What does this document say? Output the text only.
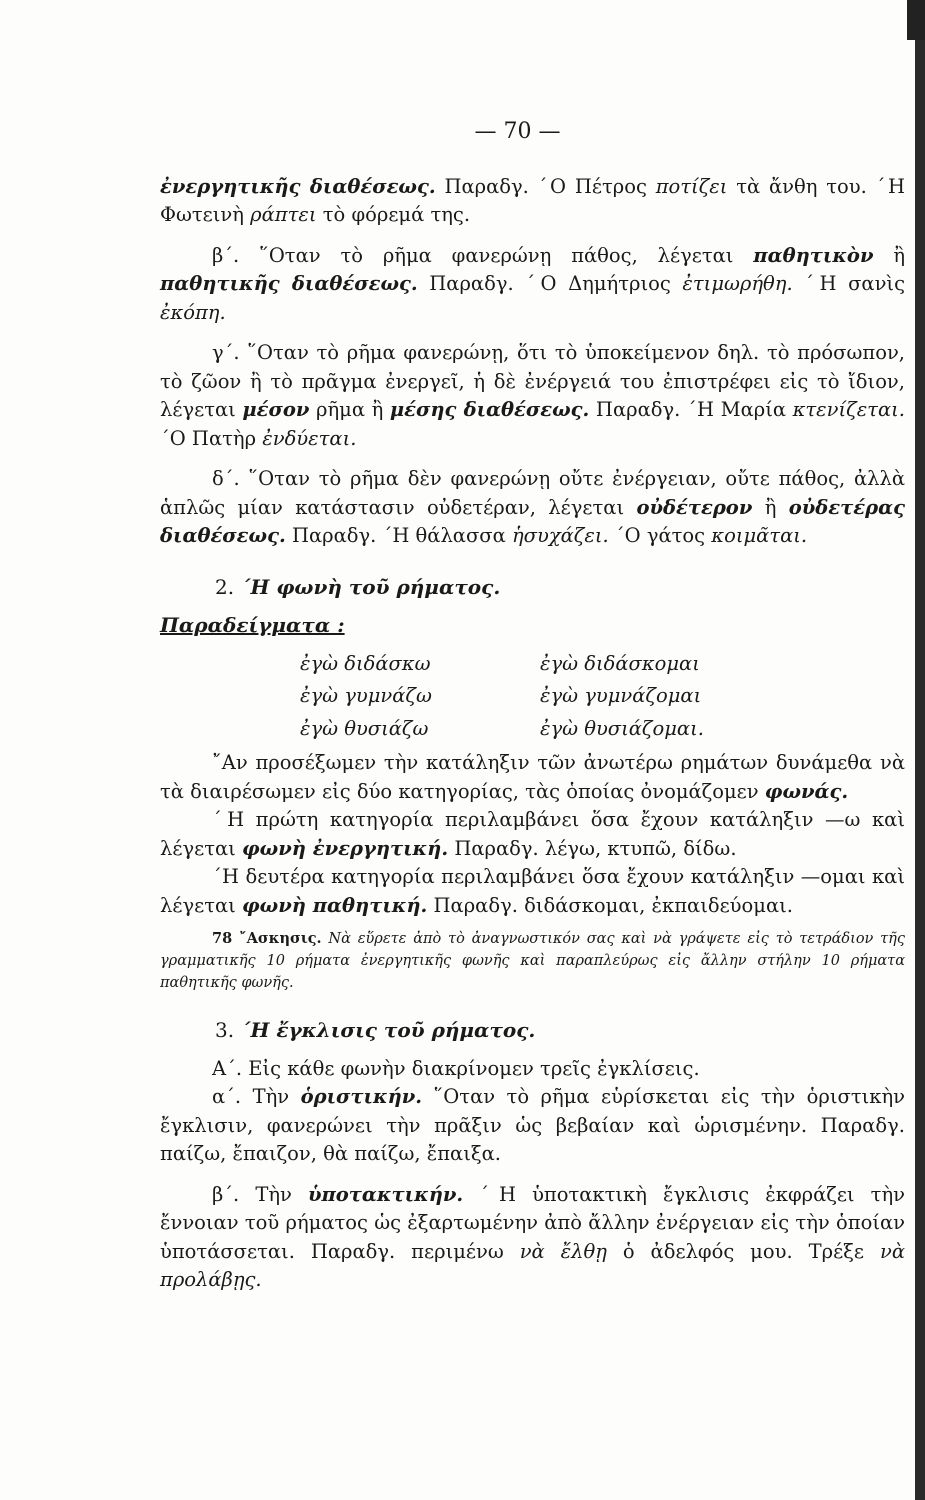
— 70 —

ἐνεργητικῆς διαθέσεως. Παραδγ. ˊΟ Πέτρος ποτίζει τὰ ἄνθη του. ˊΗ Φωτεινὴ ράπτει τὸ φόρεμά της.

β΄. ῞Οταν τὸ ρῆμα φανερώνῃ πάθος, λέγεται παθητικὸν ἢ παθητικῆς διαθέσεως. Παραδγ. ˊΟ Δημήτριος ἐτιμωρήθη. ˊΗ σανὶς ἐκόπη.

γ΄. ῞Οταν τὸ ρῆμα φανερώνῃ, ὅτι τὸ ὑποκείμενον δηλ. τὸ πρόσωπον, τὸ ζῶον ἢ τὸ πρᾶγμα ἐνεργεῖ, ἡ δὲ ἐνέργειά του ἐπιστρέφει εἰς τὸ ἴδιον, λέγεται μέσον ρῆμα ἢ μέσης διαθέσεως. Παραδγ. ˊΗ Μαρία κτενίζεται. ˊΟ Πατὴρ ἐνδύεται.

δ΄. ῞Οταν τὸ ρῆμα δὲν φανερώνῃ οὔτε ἐνέργειαν, οὔτε πάθος, ἀλλὰ ἁπλῶς μίαν κατάστασιν οὐδετέραν, λέγεται οὐδέτερον ἢ οὐδετέρας διαθέσεως. Παραδγ. ˊΗ θάλασσα ἡσυχάζει. ˊΟ γάτος κοιμᾶται.

2. ˊΗ φωνὴ τοῦ ρήματος.
Παραδείγματα :
ἐγὼ διδάσκω	ἐγὼ διδάσκομαι
ἐγὼ γυμνάζω	ἐγὼ γυμνάζομαι
ἐγὼ θυσιάζω	ἐγὼ θυσιάζομαι.

῎Αν προσέξωμεν τὴν κατάληξιν τῶν ἀνωτέρω ρημάτων δυνάμεθα νὰ τὰ διαιρέσωμεν εἰς δύο κατηγορίας, τὰς ὁποίας ὀνομάζομεν φωνάς.

ˊΗ πρώτη κατηγορία περιλαμβάνει ὅσα ἔχουν κατάληξιν —ω καὶ λέγεται φωνὴ ἐνεργητική. Παραδγ. λέγω, κτυπῶ, δίδω.

ˊΗ δευτέρα κατηγορία περιλαμβάνει ὅσα ἔχουν κατάληξιν —ομαι καὶ λέγεται φωνὴ παθητική. Παραδγ. διδάσκομαι, ἐκπαιδεύομαι.

78 ῎Ασκησις. Νὰ εὕρετε ἀπὸ τὸ ἀναγνωστικόν σας καὶ νὰ γράψετε εἰς τὸ τετράδιον τῆς γραμματικῆς 10 ρήματα ἐνεργητικῆς φωνῆς καὶ παραπλεύρως εἰς ἄλλην στήλην 10 ρήματα παθητικῆς φωνῆς.
3. ˊΗ ἔγκλισις τοῦ ρήματος.

Α΄. Εἰς κάθε φωνὴν διακρίνομεν τρεῖς ἐγκλίσεις.

α΄. Τὴν ὁριστικήν. ῞Οταν τὸ ρῆμα εὑρίσκεται εἰς τὴν ὁριστικὴν ἔγκλισιν, φανερώνει τὴν πρᾶξιν ὡς βεβαίαν καὶ ὡρισμένην. Παραδγ. παίζω, ἔπαιζον, θὰ παίζω, ἔπαιξα.

β΄. Τὴν ὑποτακτικήν. ˊΗ ὑποτακτικὴ ἔγκλισις ἐκφράζει τὴν ἔννοιαν τοῦ ρήματος ὡς ἐξαρτωμένην ἀπὸ ἄλλην ἐνέργειαν εἰς τὴν ὁποίαν ὑποτάσσεται. Παραδγ. περιμένω νὰ ἔλθῃ ὁ ἀδελφός μου. Τρέξε νὰ προλάβῃς.
